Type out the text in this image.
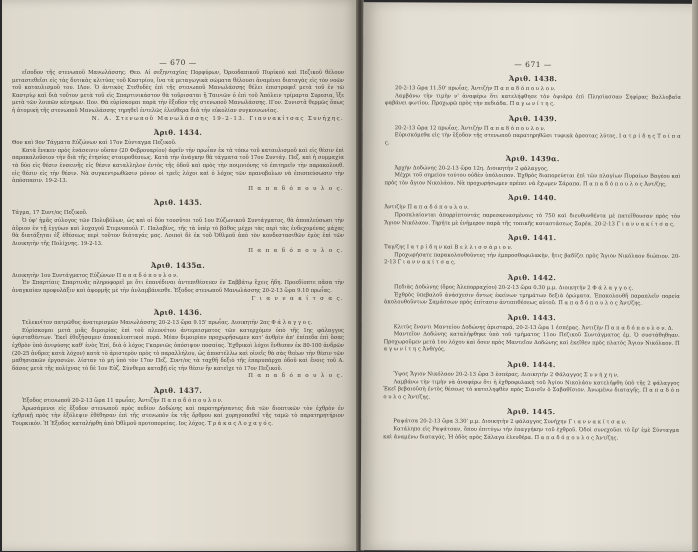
— 670 —

εἴσοδον τῆς στενωποῦ Μανωλάσσης. Θεο. Αἱ σεξηνταχίας Πορφύρων, Ὀρεοδαπικοῦ Πυρίκού καὶ Πεζικοῦ θέλουν μεταστεθεῖσι εἰς τὰς δυτικὰς κλιτύας τοῦ Καστρίου, ἵνα τὰ μεταγωγικὰ σώματα θέλουσι ἀναμένει διαταγὰς εἰς τὸν νοῶν τοῦ καταυλισμοῦ του. ΙΛον. Ὁ ἀντικὸς Στεθυδὲς ἐπὶ τῆς στενωποῦ Μανωλάσσης θέλει ἐπιστραφεῖ μετὰ τοῦ ἐν τῶ Καστρίῳ καὶ διὰ τοῦτον μετὰ τοῦ εἰς Σπαρτινικάστον θὰ τοῦρισαται ἢ Ταινιῶν ὁ ἐπὶ τοῦ Ἀπόλειν τρίμαρτα Συρεσια, ἵξε μετὰ τῶν λοιπῶν κένηρων. ΙΙον. Θὰ εὐρίσκομαι παρὰ τὴν ἔξοδον τῆς στενωποῦ Μανωλάσσης. ΙΓον. Συνιστᾶ θερμῶς ὅπως ἡ ἀτομικὴ τῆς στενωποῦ Μανωλάσσης τηρηθεῖ ἐντελῶς ἐλεύθερα διὰ τὴν εὐκολίαν συγκοινωνίας.

Ν. Α. Στενωποῦ Μανωλάσσης 19-2-13. Γιαννακίτσας Συνήχης.

Ἀριθ. 1434.

Θον καὶ 9ον Τάγματα Εὐζώνων καὶ 17ον Σύνταγμα Πεζικοῦ.

Κατὰ ἔνεκεν πρὸς ἐνάσεινιν οὔσαν (20 Φεβρουαρίου) ἀφεῖν τὴν πρωΐαν ἐκ τὰ τόπω τοῦ καταυλισμοῦ καὶ εἰς θέσιν ἐπὶ παρακαλοῦσιον τὴν διὰ τῆς ἐτησίας σταυροθέσεως. Κατὰ τὴν ἀνάγκην θὰ τάγματα τοῦ 17ου Συντάγ. Πεζ. καὶ ἡ συμμαχία τὰ δύο εἰς θέσιν ἐνσεινῆς εἰς θέσιν καταλληλον ἐντὸς τῆς ὁδοῦ καὶ πρὸς τὴν ποιμνιόνης τὸ ἐπιτηρεῖν τὴν παρακολουθ. εἰς θέσιν εἰς τὴν θέσιν. Νὰ συγκεντρωθῶσιν μόνον οἱ τρεῖς λόχοι καὶ ὁ λόχος τῶν πρανοβολων νὰ ἐπισπεύσωσιν τὴν ἀπόσπασιν. 19-2-13.

Π α π α δ ό π ο υ λ ο ς.

Ἀριθ. 1435.

Τάγμα, 17 Συντ/ος Πεζικοῦ.

Ὁ ὑφ' ἡμᾶς σύλογος τῶν Πολυβόλων, ὡς καὶ οἱ δύο τουσῦτοι τοῦ 1ου Εὐζωνικοῦ Συντάγματος, θὰ ἀποπλεύσωσι τὴν ἀὔριον ἐν τῇ ἐγγύων καὶ λοχαγοῦ Στερνοπούλ Γ. Παλαβίνς, τῆς τὰ ὑπὲρ τὸ βάθος μέχρι τὰς περὶ τὰς ἐνδεχομένας μάχας θὰ διατάξηται ἐξ ἐθέσεως περὶ τοῦτον διάταγάς μας. Λοιποὶ δὲ ἐκ τοῦ Ὀθλμοῦ ἀπὸ τὸν κονδεστασιθῶν ἐμὸς ἐπὶ τῶν Διοικητὴν τῆς Πολίχνης. 19-2-13.

Π α π α δ ό π ο υ λ ο ς.

Ἀριθ. 1435α.

Διοικητὴν 1ου Συντάγματος Εὐζώνων Π α π α δ ό π ο υ λ ο ν.

Ἐν Σπαρτίαις Σπαρτινᾶς πληροφορεῖ με ὅτι ἐπανέδιναι ἀντεπιθέσειαν ἐν Σαββάτῳ ἔχεις ἤδη. Προεδίοπτε πᾶσα τὴν ἀναγκαίαν προφυλάξιν καὶ ἀφορμῆς μὲ τὴν ἀνλαμβάνεσθε. Ἐξοδος στενωποῦ Μανωλάσσης 20-2-13 ὥρα 9.10 πρωΐας.

Γ ι α ν ν α κ ί τ σ α ς.

Ἀριθ. 1436.

Τελεκνίτον πατρῶθος ἀνατερισμῶν Μανωλάσσης 20-2-13 ὥρα 9.15' πρωΐας. Διοικητὴν 2ας Φ ά λ α γ γ ο ς.

Εὑρίσκομαι μετὰ μιᾶς διμοιρίας ἐπὶ τοῦ πλεονέτου ἀντερεισματος τῶν κατερχόμεν ὑπὸ τῆς 1ης φάλαγγος ὑφισταθέντων. Ἐκεῖ ἐθεξήσαμεν ἀποκαλυπτικοὶ πυρά. Μέαν διμοιρίαν προχωρῆσωμεν κατ' ἀνθρὶν ἀπ' ἐπίπεδα ἐπὶ ὅσας ἐχθρὸν ὑπὸ ἀνιψύσης καθ' ἐνὸς Ἐπί, διὰ ὁ λόχος Γκαρνιῶς ὁπόσιψον ποσαίας. Ἐχθρικοὶ λόχοι ἔνθεσαν ἐκ 80-100 ἀνδρῶν (20-25 ἀνδρες κατὰ λόχον) κατὰ τὸ ἀριστερὸν πρὸς τὸ παραλλήλου, ὡς ἀποστέλλω καὶ οἰνεῖς θὰ σὰς θεέων τὴν θέσιν τῶν μαθησιακῶν ἐργασιῶν. λίσταν τὸ μὴ ὑπὸ τὸν 17ον Πεζ. Συντ/ος τὰ ταχθῆ δεξιὸ τῆς ἐπαρυπάρχα ὁδοῦ καὶ ἔνοις τοῦ Α. δάσος μετὰ τῆς πολίχνας τὸ δὲ 1ον Εὐζ. Σύνθεμα καταβῇ εἰς τὴν θέσιν ἥν κατεῖχε τὸ 17ον Πεζικοῦ.

Π α π α δ ό π ο υ λ ο ς.

Ἀριθ. 1437.

Ἐξοδος στενωποῦ 20-2-13 ὥρα 11 πρωΐας. Ἀντιζὴν Π α π α δ ό π ο υ λ ο ν.

Ἀρωσάμενοι εἰς ἔξοδον στενωποῦ πρὸς πεδίον Δοδώνης καὶ παρατηρήσαντες διὰ τῶν διοπτικῶν τὸν ἐχθρὸν ἐν ἐχθρικῇ πρὸς τὴν ἐξόλεψιν ἐθέθησαν ἐπὶ τῆς στενωπὸν ἐκ τῆς ὄρθρου καὶ χορηγοπαθεῖ τῆς ταμῶ τὸ παρατηρητήριον Τουρκικόν. Ἡ Ἐξοδος καταλήφθη ἀπὸ Ὀθλμοῦ προτοπορείας. Ιος λόχος. Τ ρ ά κ α ς Λ ο χ α γ ό ς.

— 671 —
Ἀριθ. 1438.

20-2-13 ὥρα 11.50' πρωΐας. Ἀντιζὴν Π α π α δ ό π ο υ λ ο ν.

Λαμβάνω τὴν τιμὴν ν' ἀναφέρω ὅτι κατελήφθησε τὸν ὀψιάρα ἐπὶ Πλησίασσαν Σηφίρας Βαλλοβαῖα φαβάνει φωτίου. Προχωρῶ πρὸς τὴν πεδιάδα. Π α γ ω ν ί τ η ς.

Ἀριθ. 1439.

20-2-13 ὥρα 12 πρωΐας. Ἀντιζὴν Π α π α δ ό π ο υ λ ο ν.

Εὑρισκόμεθα εἰς τὴν ἔξοδον τῆς στενωποῦ παρατηρηθῶσι τυφικὰ ἀρσοτας λύτος. Ι α τ ρ ί δ η ς Τ ο ί π α ς.

Ἀριθ. 1439α.

Ἀρχὴν Δοδώνης 20-2-13 ὥρα 12η. Διοικητὴν 2 φάλαγγος.

Μέχρι τοῦ σημείου τούτου οὐδὲν ὑπόλοιπον. Ἐχθρὸς διαπορεύεται ἐπὶ τῶν πλαγίων Πυραίων Βαγέου καὶ πρὸς τὸν ἄγιον Νικολάου. Νὰ προχωρήσωμεν πρέπει νὰ ἔχωμεν Σάραπα. Π α π α δ ό π ο υ λ ο ς Ἀντ/ζης.

Ἀριθ. 1440.

Ἀντιζὴν Π α π α δ ό π ο υ λ ο ν.

Προσκλαίονται ἀπορρίπτοντάς παρεσκευασμένοις τὸ 750 καὶ διευθυνθέντα μὲ πατεῖθουσαν πρὸς τὸν Ἅγιον Νικόλαον. Τηρήτε μὲ ἐνήμερον παρὰ τῆς τοπικῆς καταστάσεως Σαρέα. 20-2-13 Γ ι α ν ν α κ ί τ σ α ς.

Ἀριθ. 1441.

Ταγ/ζης Ι α τ ρ ί δ η ν καὶ Β ε λ λ ι σ σ ά ρ ι ο ν.

Προχωρήσατε παρακολουθοῦντες τὴν ἐμπροσθοφυλακὴν, ἥτις βαδίζει πρὸς Ἅγιον Νικόλαον διώπιον. 20-2-13 Γ ι α ν ν α κ ί τ σ α ς.

Ἀριθ. 1442.

Πεδιὰς Δοδώνης (ὄρος Ἀλεπορραχίου) 20-2-13 ὥρα 0.30 μ.μ. Διοικητὴν 2 Φ ά λ α γ γ ο ς.

Ἐχθρὸς ὑπεβαλοῦ ἀνάσχεσιν ὄντως ἐκείνων τμημάτων δεξιὰ ὁρώματα. Ἐπακολουθῆ παραπλεῖν πορεία ἀκολουθοῦντων Σαμάσσων πρὸς ἐπίτασιν ἀντεπιθέσεως αὐτοῦ. Π α π α δ ό π ο υ λ ο ς Ἀντ/ζης.

Ἀριθ. 1443.

Κλιτὺς ἔναντι Μαντείου Δοδώνης ἀρισταρά, 20-2-13 ὥρα 1 ἐσπέρας. Ἀντιζὴν Π α π α δ ό π ο υ λ ο ν. Δ.

Μαντεῖον Δοδώνης καταλήφθηκε ὑπὸ τοῦ τμήματος 11ου Πεζικοῦ Συντάγματος ἐμ. Ὁ συστάθηθηαν. Προχωροῦμεν μετὰ 1ου λόχου καὶ ὅσεν πρὸς Μαντεῖον Δοδώνης καὶ ἐκεῖθεν πρὸς πλατὸς Ἅγιον Νικόλαον. Π α γ ω ν ί τ η ς Ἀνθ/γός.

Ἀριθ. 1444.

Ὑψος Ἅγιον Νικόλαον 20-2-13 ὥρα 3 ἐσπέρας. Διοικητὴν 2 Φάλαγγος Σ υ ν ή χ η ν.

Λαμβάνω τὴν τιμὴν νὰ ἀναφέρω ὅτι ἡ ἐχθροφυλακὴ τοῦ Ἁγίου Νικολάου κατελήφθη ὑπὸ τῆς 2 φάλαγγος Ἐκεῖ βεβαιοῦσὴ ἐντὸς θέσεως τὸ κατειληφθὲν πρὸς Σιαισῖν ὁ Σαβαθῖσιον. Ἀνωμένω διαταγῆς. Π α π α δ ό π ο υ λ ο ς Ἀντ/ζης.

Ἀριθ. 1445.

Ραψάτσα 20-2-13 ὥρα 3.30' μ.μ. Διοικητὴν 2 φάλαγγος Συνήχην Γ ι α ν ν α κ ί τ σ α ν.

Κατάληπο εἰς Ραψάτσαν, ὅπου ἐπιτύγω τὴν ἐπαγγήκην τοῦ ἐχθροῦ. Ὁδοὶ συνεχοῦσι τὸ ἔρ' ἐμὲ Σύνταγμα καὶ ἀναμένω διαταγάς. Ἡ ὁδὸς πρὸς Σάλαγα ἐλευθέρα. Π α π α δ ό π ο υ λ ο ς Ἀντ/ζης.
